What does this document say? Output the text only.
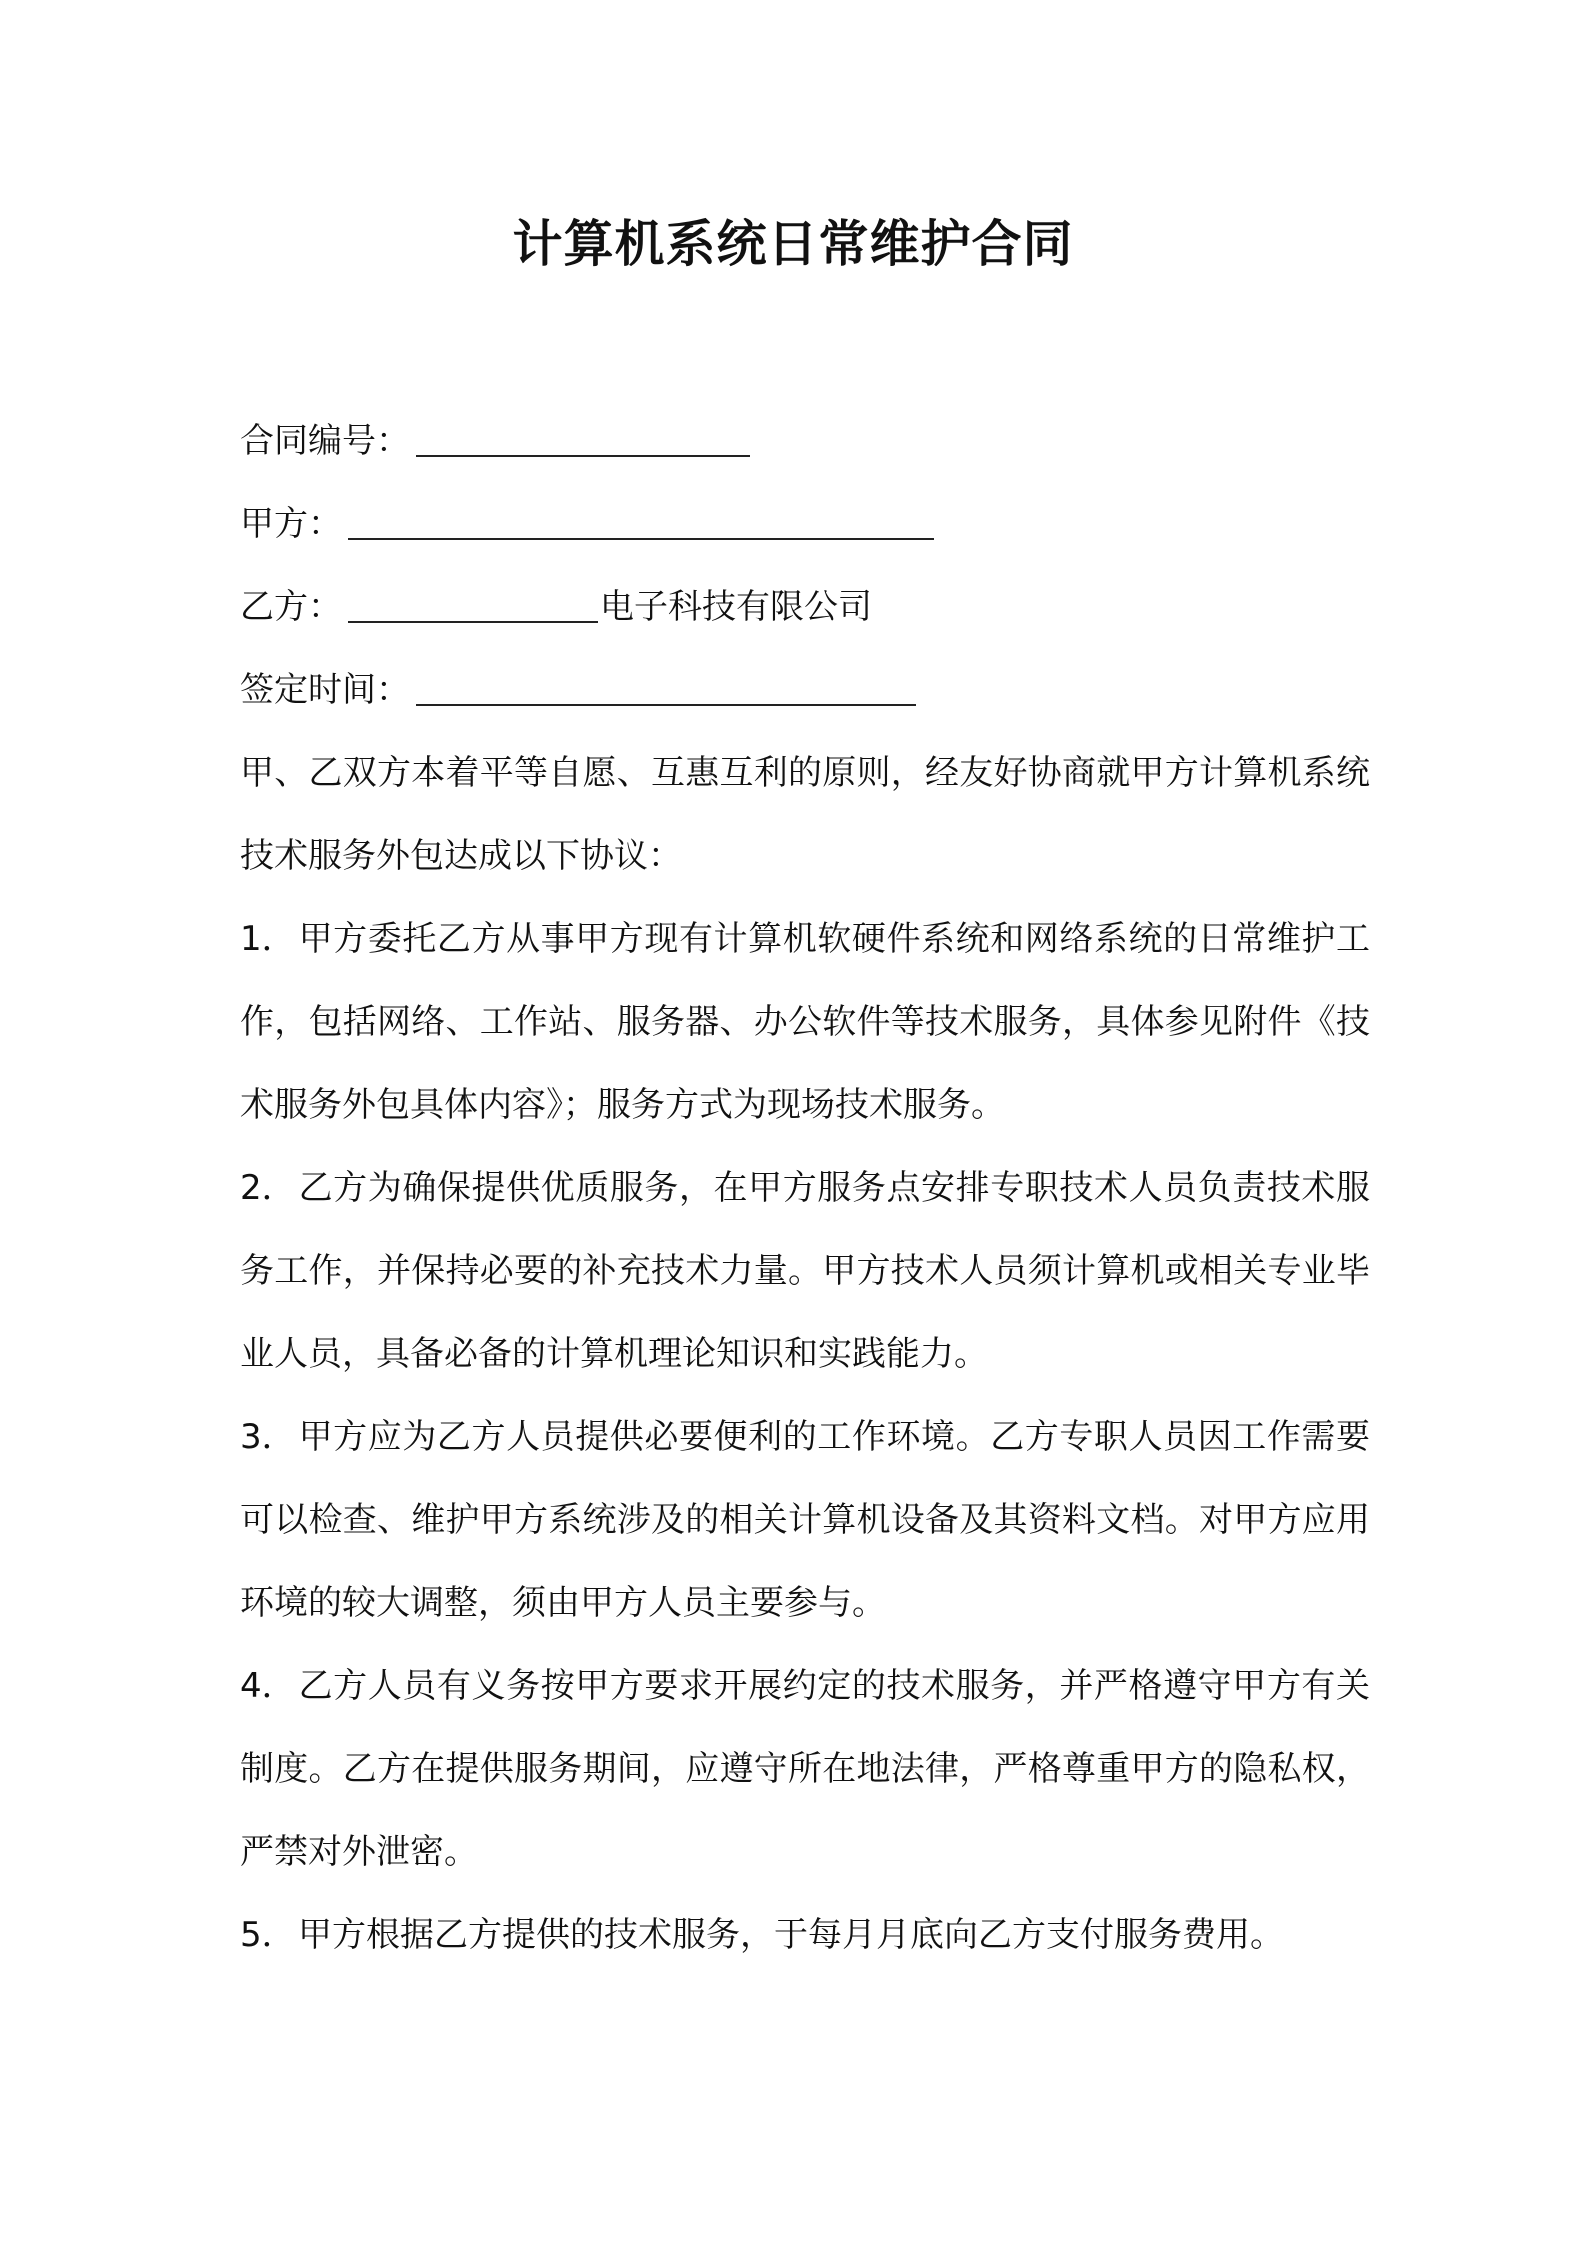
计算机系统日常维护合同
合同编号：
甲方：
乙方：	电子科技有限公司
签定时间：

甲、乙双方本着平等自愿、互惠互利的原则，经友好协商就甲方计算机系统技术服务外包达成以下协议：

1．甲方委托乙方从事甲方现有计算机软硬件系统和网络系统的日常维护工作，包括网络、工作站、服务器、办公软件等技术服务，具体参见附件《技术服务外包具体内容》；服务方式为现场技术服务。

2．乙方为确保提供优质服务，在甲方服务点安排专职技术人员负责技术服务工作，并保持必要的补充技术力量。甲方技术人员须计算机或相关专业毕业人员，具备必备的计算机理论知识和实践能力。

3．甲方应为乙方人员提供必要便利的工作环境。乙方专职人员因工作需要可以检查、维护甲方系统涉及的相关计算机设备及其资料文档。对甲方应用环境的较大调整，须由甲方人员主要参与。

4．乙方人员有义务按甲方要求开展约定的技术服务，并严格遵守甲方有关制度。乙方在提供服务期间，应遵守所在地法律，严格尊重甲方的隐私权，严禁对外泄密。

5．甲方根据乙方提供的技术服务，于每月月底向乙方支付服务费用。
